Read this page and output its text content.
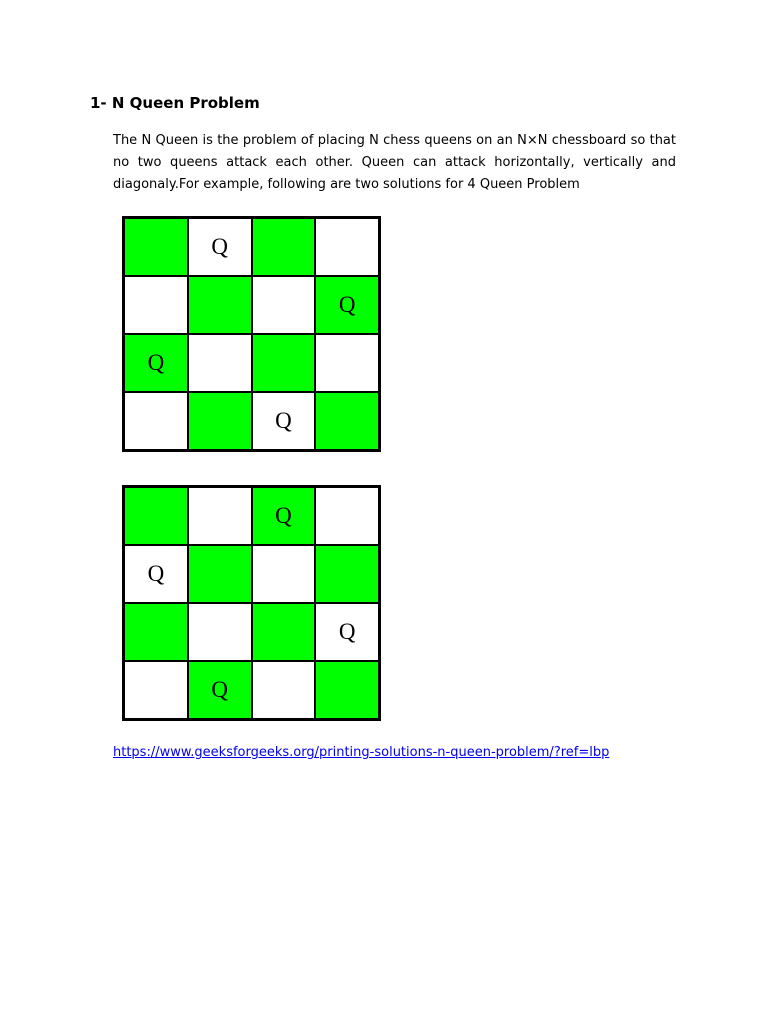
1- N Queen Problem
The N Queen is the problem of placing N chess queens on an N×N chessboard so that no two queens attack each other. Queen can attack horizontally, vertically and diagonaly.For example, following are two solutions for 4 Queen Problem
Q
Q
Q
Q
Q
Q
Q
Q
https://www.geeksforgeeks.org/printing-solutions-n-queen-problem/?ref=lbp
